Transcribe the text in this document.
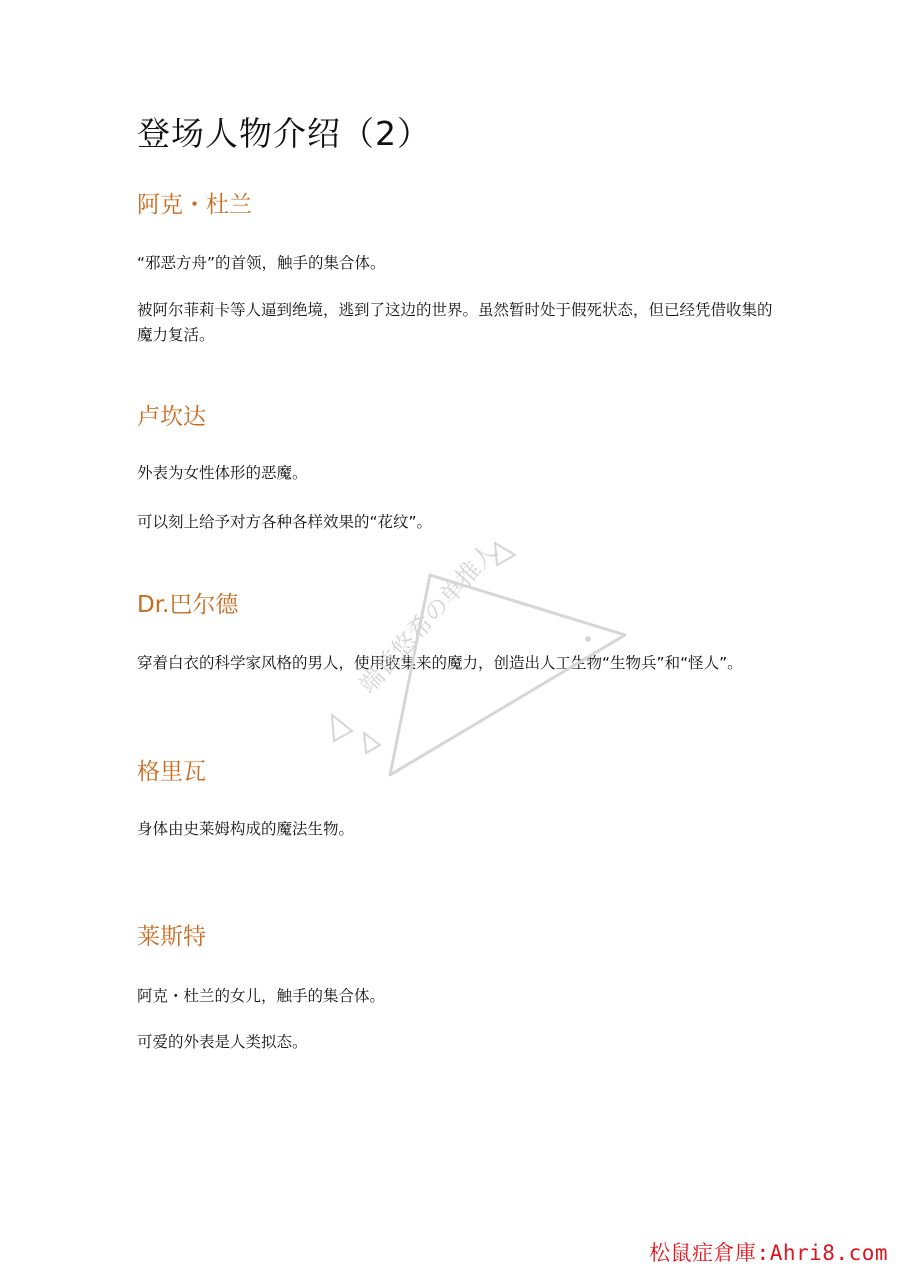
登场人物介绍（2）
阿克・杜兰

“邪恶方舟”的首领，触手的集合体。

被阿尔菲莉卡等人逼到绝境，逃到了这边的世界。虽然暂时处于假死状态，但已经凭借收集的魔力复活。

卢坎达

外表为女性体形的恶魔。

可以刻上给予对方各种各样效果的“花纹”。

Dr.巴尔德

穿着白衣的科学家风格的男人，使用收集来的魔力，创造出人工生物“生物兵”和“怪人”。

格里瓦

身体由史莱姆构成的魔法生物。

莱斯特

阿克・杜兰的女儿，触手的集合体。

可爱的外表是人类拟态。

端首悠希の单推人
松鼠症倉庫:Ahri8.com
